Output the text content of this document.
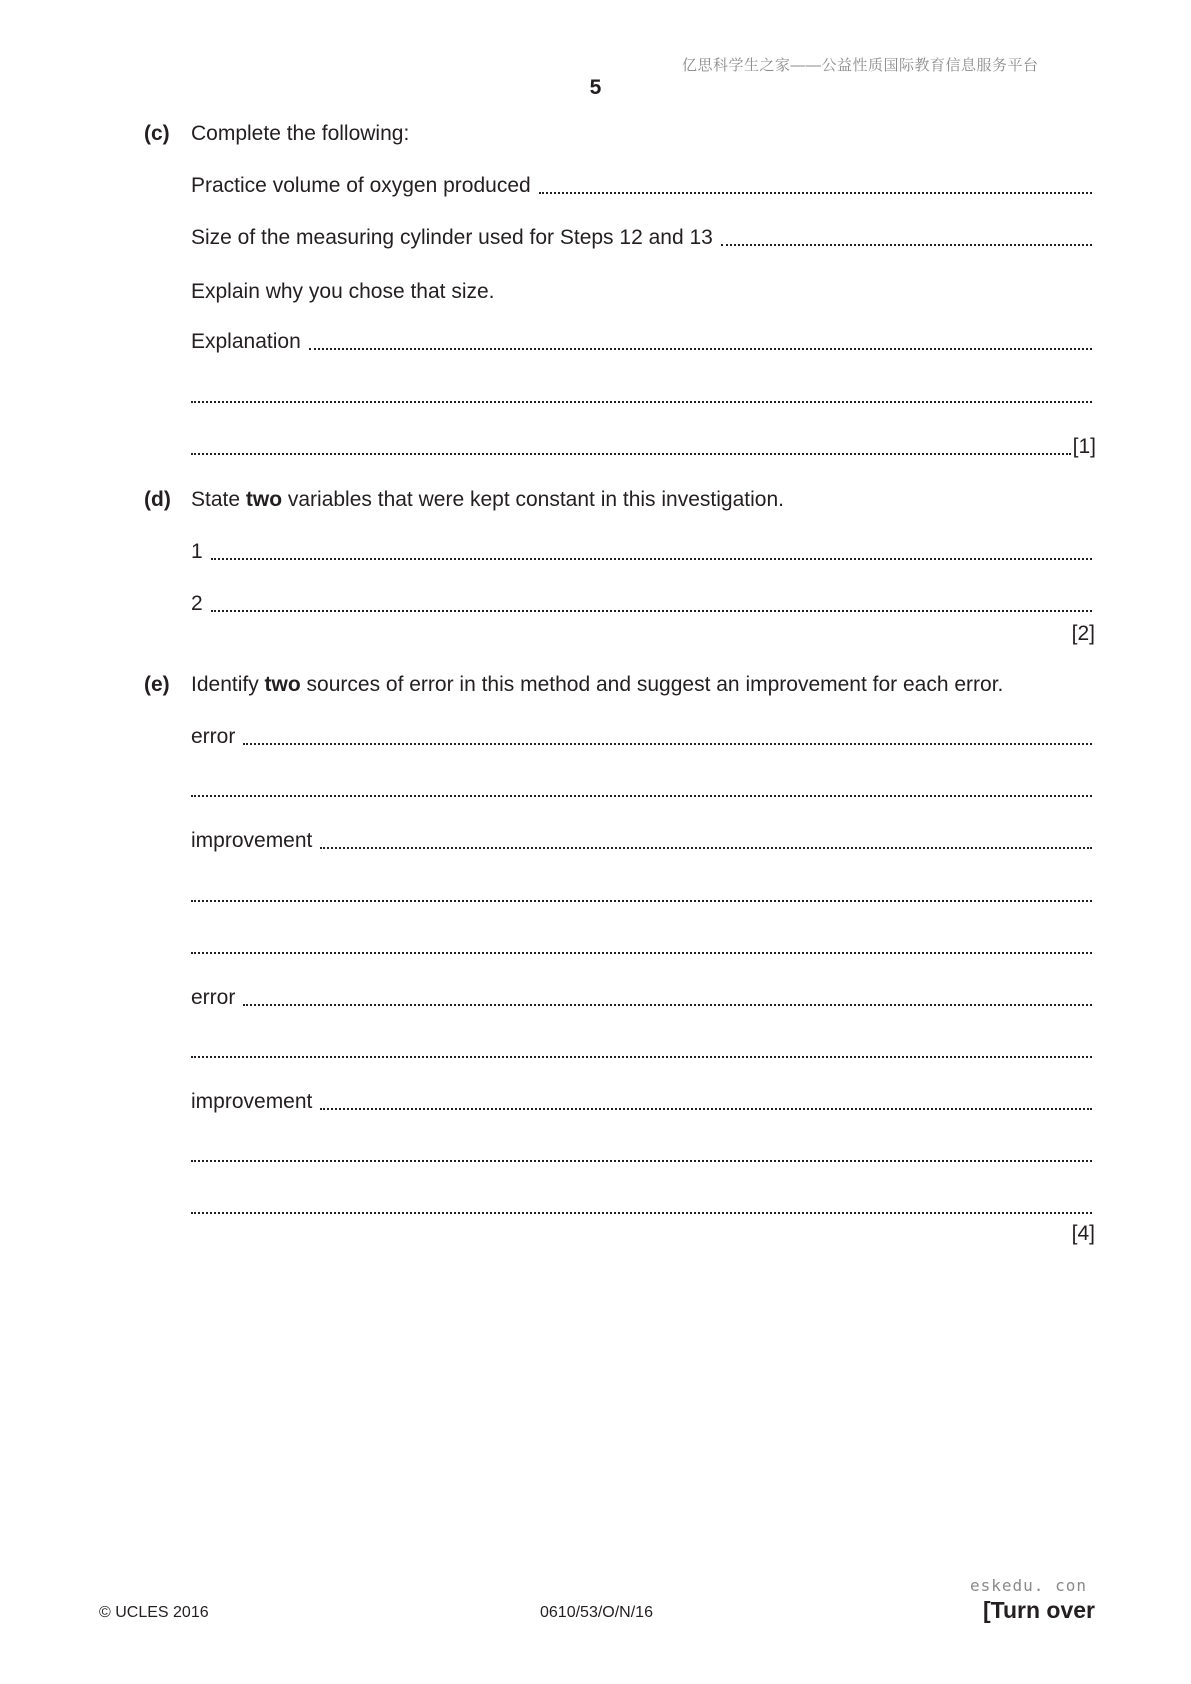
亿思科学生之家——公益性质国际教育信息服务平台
5
(c) Complete the following:
Practice volume of oxygen produced
Size of the measuring cylinder used for Steps 12 and 13
Explain why you chose that size.
Explanation
[1]
(d) State two variables that were kept constant in this investigation.
1
2
[2]
(e) Identify two sources of error in this method and suggest an improvement for each error.
error
improvement
error
improvement
[4]
© UCLES 2016	0610/53/O/N/16
eskedu. con
[Turn over
